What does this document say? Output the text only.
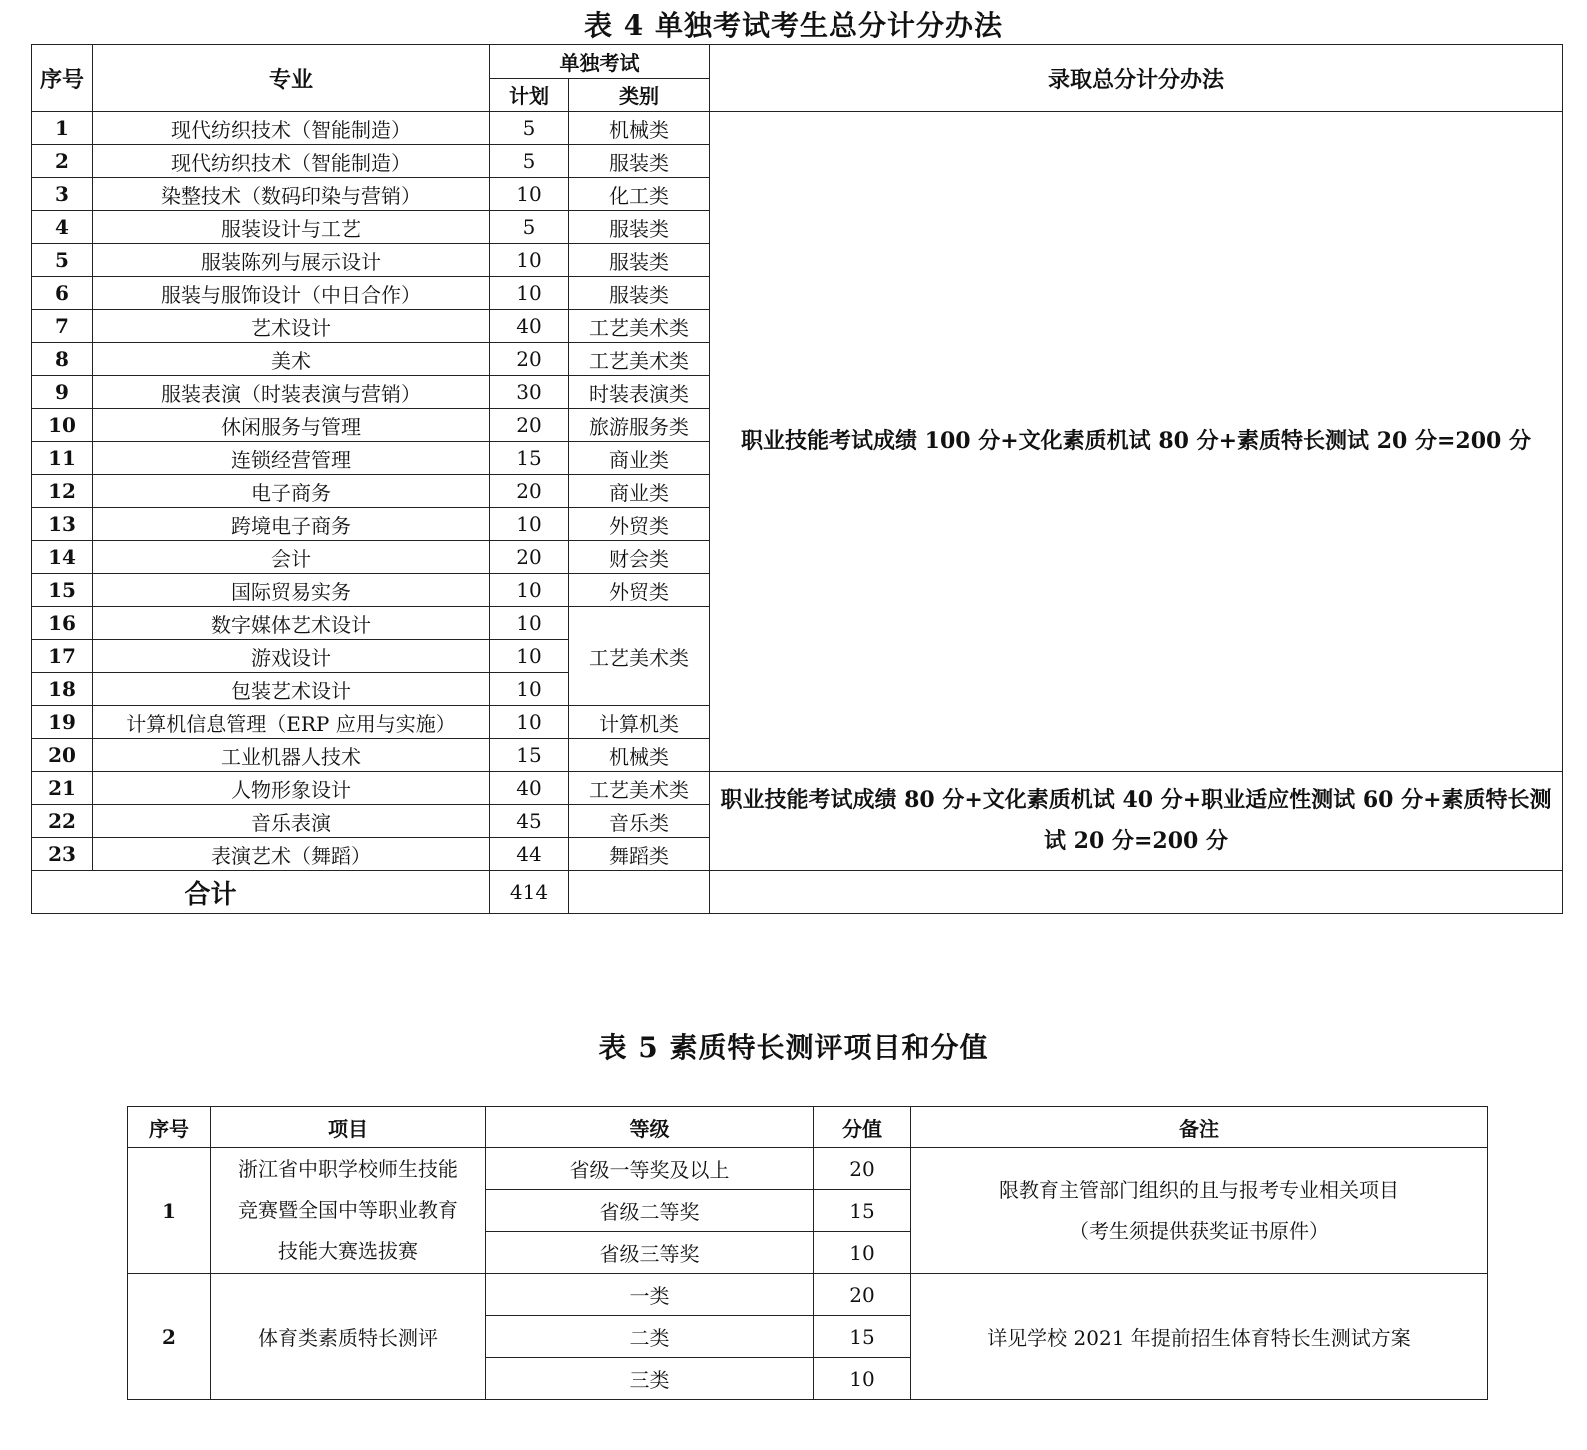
表 4 单独考试考生总分计分办法
序号	专业	单独考试		录取总分计分办法
		计划	类别	
1	现代纺织技术（智能制造）	5	机械类	职业技能考试成绩 100 分+文化素质机试 80 分+素质特长测试 20 分=200 分
2	现代纺织技术（智能制造）	5	服装类	
3	染整技术（数码印染与营销）	10	化工类	
4	服装设计与工艺	5	服装类	
5	服装陈列与展示设计	10	服装类	
6	服装与服饰设计（中日合作）	10	服装类	
7	艺术设计	40	工艺美术类	
8	美术	20	工艺美术类	
9	服装表演（时装表演与营销）	30	时装表演类	
10	休闲服务与管理	20	旅游服务类	
11	连锁经营管理	15	商业类	
12	电子商务	20	商业类	
13	跨境电子商务	10	外贸类	
14	会计	20	财会类	
15	国际贸易实务	10	外贸类	
16	数字媒体艺术设计	10	工艺美术类	
17	游戏设计	10		
18	包装艺术设计	10		
19	计算机信息管理（ERP 应用与实施）	10	计算机类	
20	工业机器人技术	15	机械类	
21	人物形象设计	40	工艺美术类	职业技能考试成绩 80 分+文化素质机试 40 分+职业适应性测试 60 分+素质特长测试 20 分=200 分
22	音乐表演	45	音乐类	
23	表演艺术（舞蹈）	44	舞蹈类	
合计		414		
表 5 素质特长测评项目和分值
序号	项目	等级	分值	备注
1	浙江省中职学校师生技能竞赛暨全国中等职业教育技能大赛选拔赛	省级一等奖及以上	20	限教育主管部门组织的且与报考专业相关项目
（考生须提供获奖证书原件）

		省级二等奖	15	
		省级三等奖	10	
2	体育类素质特长测评	一类	20	详见学校 2021 年提前招生体育特长生测试方案
		二类	15	
		三类	10	
